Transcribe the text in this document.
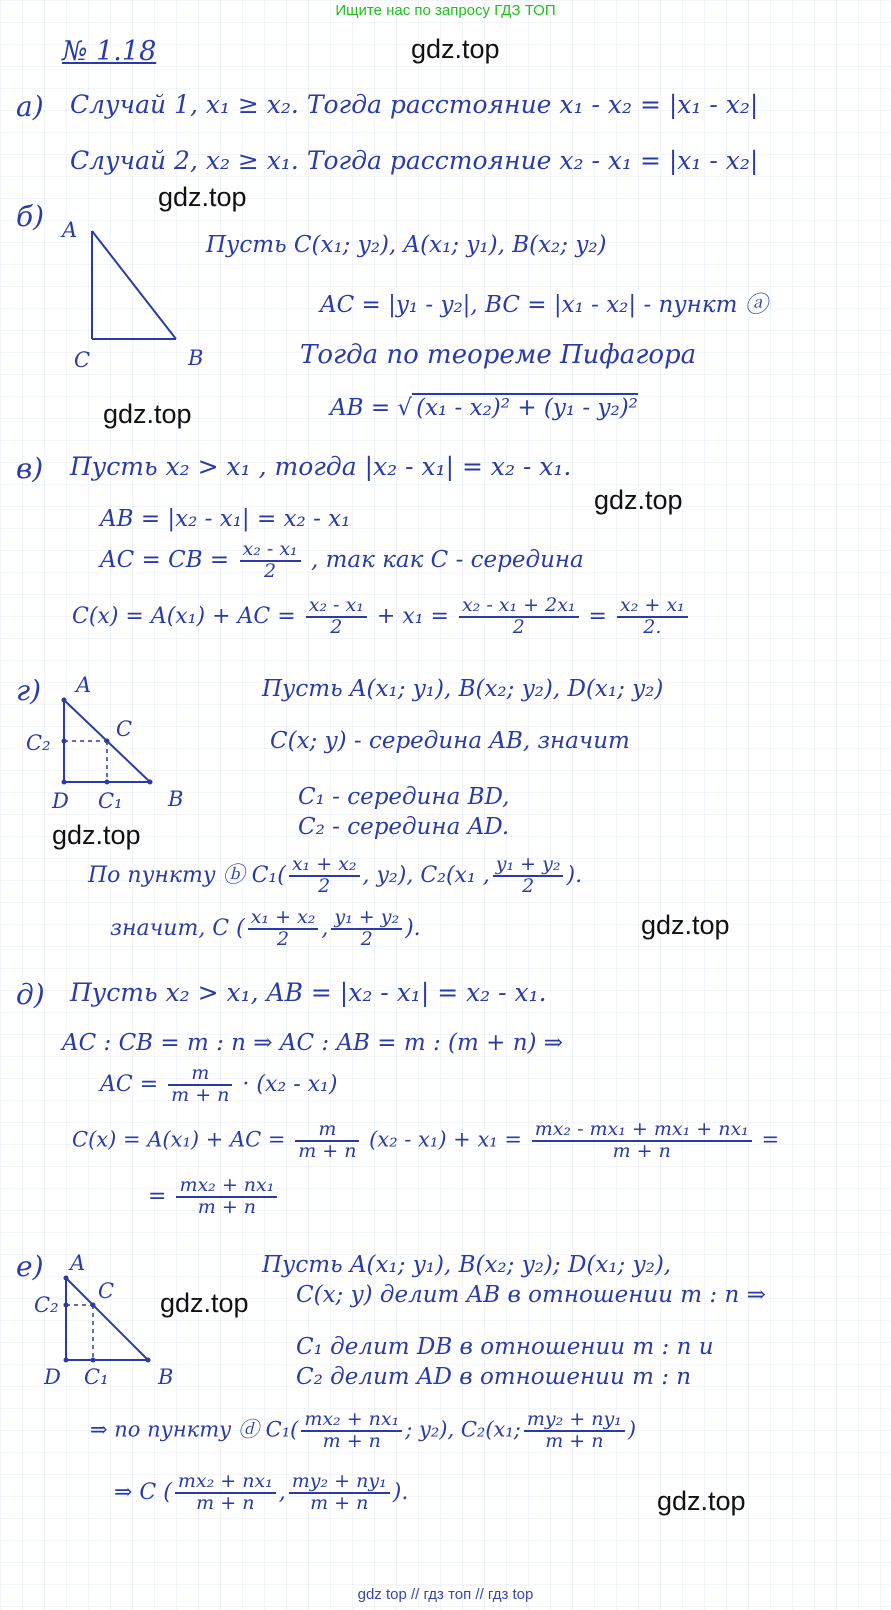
Ищите нас по запросу ГДЗ ТОП
gdz.top
gdz.top
gdz.top
gdz.top
gdz.top
gdz.top
gdz.top
gdz.top
№ 1.18
а) Случай 1, x₁ ≥ x₂. Тогда расстояние x₁ - x₂ = |x₁ - x₂|
Случай 2, x₂ ≥ x₁. Тогда расстояние x₂ - x₁ = |x₁ - x₂|
б) A
C	B
Пусть C(x₁; y₂), A(x₁; y₁), B(x₂; y₂)
AC = |y₁ - y₂|, BC = |x₁ - x₂| - пункт ⓐ
Тогда по теореме Пифагора
AB = √ (x₁ - x₂)² + (y₁ - y₂)²
в) Пусть x₂ > x₁ , тогда |x₂ - x₁| = x₂ - x₁.
AB = |x₂ - x₁| = x₂ - x₁
AC = CB = $\frac{\text{x₂ - x₁}}{2}$ , так как C - середина
C(x) = A(x₁) + AC = $\frac{\text{x₂ - x₁}}{2} + x_1 = \frac{\text{x₂ - x₁ + 2x₁}}{2} = \frac{\text{x₂ + x₁}}{2.}$
г) A
C₂
C
D C₁ B
Пусть A(x₁; y₁), B(x₂; y₂), D(x₁; y₂)
C(x; y) - середина AB, значит
C₁ - середина BD,
C₂ - середина AD.
По пункту ⓑ $C_1( \frac{\text{x₁ + x₂}}{2}$ , y₂), C₂(x₁ , $\frac{\text{y₁ + y₂}}{2}$ ).
значит, C ( $\frac{\text{x₁ + x₂}}{2}$ , $\frac{\text{y₁ + y₂}}{2}$ ).
д) Пусть x₂ > x₁, AB = |x₂ - x₁| = x₂ - x₁.
AC : CB = m : n ⇒ AC : AB = m : (m + n) ⇒
AC = $\frac{m}{m + n} \cdot (x_2 - x_1)$
C(x) = A(x₁) + AC = $\frac{m}{m + n} (x_2 - x_1) + x_1 = \frac{\text{mx₂ - mx₁ + mx₁ + nx₁}}{m + n}$ =
= $\frac{\text{mx₂ + nx₁}}{m + n}$
е) A
C₂
C
D C₁ B
Пусть A(x₁; y₁), B(x₂; y₂); D(x₁; y₂),
C(x; y) делит AB в отношении m : n ⇒
C₁ делит DB в отношении m : n и
C₂ делит AD в отношении m : n
⇒ по пункту ⓓ $C_1( \frac{\text{mx₂ + nx₁}}{m + n}$ ; y₂), C₂(x₁; $\frac{\text{my₂ + ny₁}}{m + n}$ )
⇒ C ( $\frac{\text{mx₂ + nx₁}}{m + n}$ , $\frac{\text{my₂ + ny₁}}{m + n}$ ).
gdz top // гдз топ // гдз top
